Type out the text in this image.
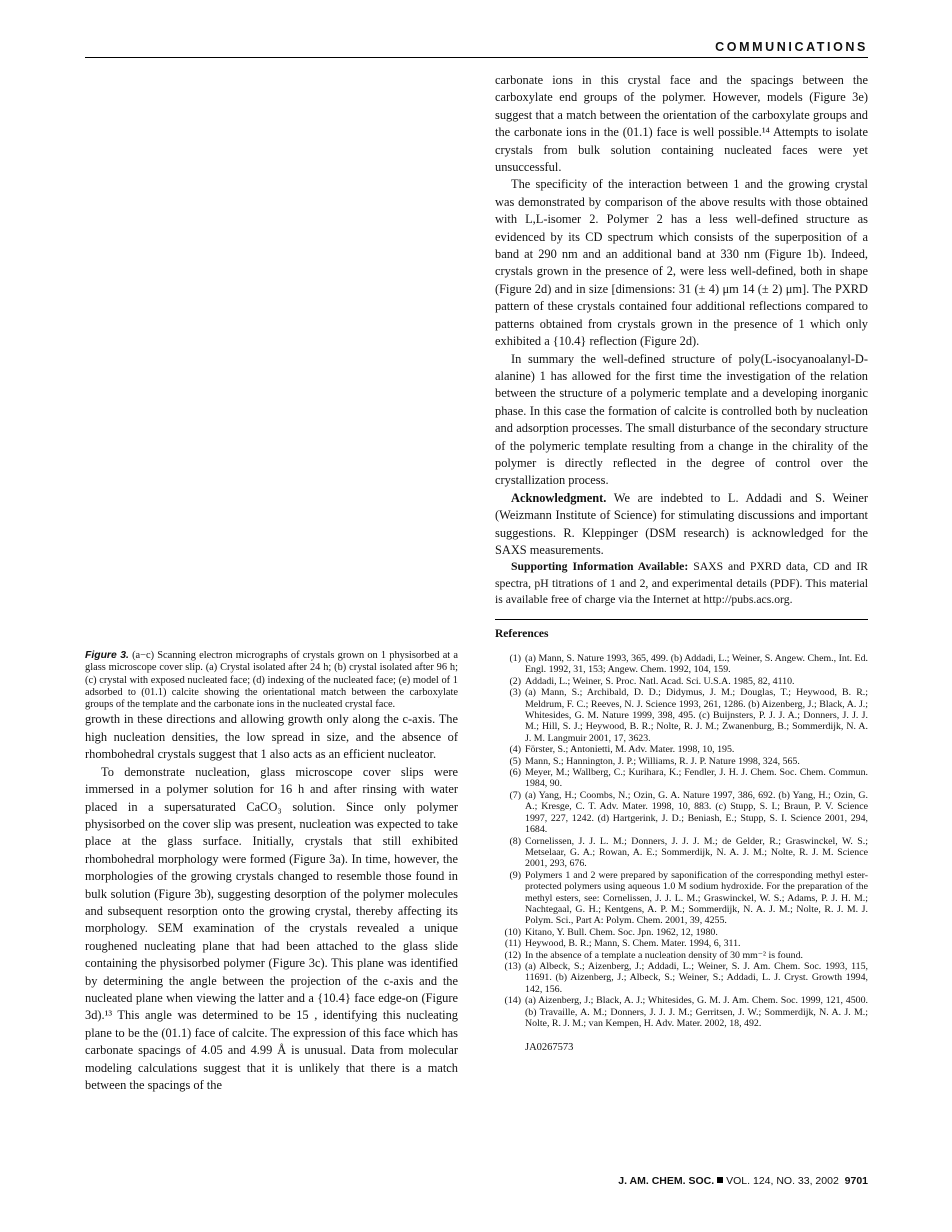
COMMUNICATIONS

Figure 3. (a−c) Scanning electron micrographs of crystals grown on 1 physisorbed at a glass microscope cover slip. (a) Crystal isolated after 24 h; (b) crystal isolated after 96 h; (c) crystal with exposed nucleated face; (d) indexing of the nucleated face; (e) model of 1 adsorbed to (01.1) calcite showing the orientational match between the carboxylate groups of the template and the carbonate ions in the nucleated crystal face.

growth in these directions and allowing growth only along the c-axis. The high nucleation densities, the low spread in size, and the absence of rhombohedral crystals suggest that 1 also acts as an efficient nucleator.

To demonstrate nucleation, glass microscope cover slips were immersed in a polymer solution for 16 h and after rinsing with water placed in a supersaturated CaCO₃ solution. Since only polymer physisorbed on the cover slip was present, nucleation was expected to take place at the glass surface. Initially, crystals that still exhibited rhombohedral morphology were formed (Figure 3a). In time, however, the morphologies of the growing crystals changed to resemble those found in bulk solution (Figure 3b), suggesting desorption of the polymer molecules and subsequent resorption onto the growing crystal, thereby affecting its morphology. SEM examination of the crystals revealed a unique roughened nucleating plane that had been attached to the glass slide containing the physisorbed polymer (Figure 3c). This plane was identified by determining the angle between the projection of the c-axis and the nucleated plane when viewing the latter and a {10.4} face edge-on (Figure 3d).¹³ This angle was determined to be 15 , identifying this nucleating plane to be the (01.1) face of calcite. The expression of this face which has carbonate spacings of 4.05 and 4.99 Å is unusual. Data from molecular modeling calculations suggest that it is unlikely that there is a match between the spacings of the

carbonate ions in this crystal face and the spacings between the carboxylate end groups of the polymer. However, models (Figure 3e) suggest that a match between the orientation of the carboxylate groups and the carbonate ions in the (01.1) face is well possible.¹⁴ Attempts to isolate crystals from bulk solution containing nucleated faces were yet unsuccessful.

The specificity of the interaction between 1 and the growing crystal was demonstrated by comparison of the above results with those obtained with L,L-isomer 2. Polymer 2 has a less well-defined structure as evidenced by its CD spectrum which consists of the superposition of a band at 290 nm and an additional band at 330 nm (Figure 1b). Indeed, crystals grown in the presence of 2, were less well-defined, both in shape (Figure 2d) and in size [dimensions: 31 (± 4) μm 14 (± 2) μm]. The PXRD pattern of these crystals contained four additional reflections compared to patterns obtained from crystals grown in the presence of 1 which only exhibited a {10.4} reflection (Figure 2d).

In summary the well-defined structure of poly(L-isocyanoalanyl-D-alanine) 1 has allowed for the first time the investigation of the relation between the structure of a polymeric template and a developing inorganic phase. In this case the formation of calcite is controlled both by nucleation and adsorption processes. The small disturbance of the secondary structure of the polymeric template resulting from a change in the chirality of the polymer is directly reflected in the degree of control over the crystallization process.

Acknowledgment. We are indebted to L. Addadi and S. Weiner (Weizmann Institute of Science) for stimulating discussions and important suggestions. R. Kleppinger (DSM research) is acknowledged for the SAXS measurements.

Supporting Information Available: SAXS and PXRD data, CD and IR spectra, pH titrations of 1 and 2, and experimental details (PDF). This material is available free of charge via the Internet at http://pubs.acs.org.

References
(1) (a) Mann, S. Nature 1993, 365, 499. (b) Addadi, L.; Weiner, S. Angew. Chem., Int. Ed. Engl. 1992, 31, 153; Angew. Chem. 1992, 104, 159.
(2) Addadi, L.; Weiner, S. Proc. Natl. Acad. Sci. U.S.A. 1985, 82, 4110.
(3) (a) Mann, S.; Archibald, D. D.; Didymus, J. M.; Douglas, T.; Heywood, B. R.; Meldrum, F. C.; Reeves, N. J. Science 1993, 261, 1286. (b) Aizenberg, J.; Black, A. J.; Whitesides, G. M. Nature 1999, 398, 495. (c) Buijnsters, P. J. J. A.; Donners, J. J. J. M.; Hill, S. J.; Heywood, B. R.; Nolte, R. J. M.; Zwanenburg, B.; Sommerdijk, N. A. J. M. Langmuir 2001, 17, 3623.
(4) Förster, S.; Antonietti, M. Adv. Mater. 1998, 10, 195.
(5) Mann, S.; Hannington, J. P.; Williams, R. J. P. Nature 1998, 324, 565.
(6) Meyer, M.; Wallberg, C.; Kurihara, K.; Fendler, J. H. J. Chem. Soc. Chem. Commun. 1984, 90.
(7) (a) Yang, H.; Coombs, N.; Ozin, G. A. Nature 1997, 386, 692. (b) Yang, H.; Ozin, G. A.; Kresge, C. T. Adv. Mater. 1998, 10, 883. (c) Stupp, S. I.; Braun, P. V. Science 1997, 227, 1242. (d) Hartgerink, J. D.; Beniash, E.; Stupp, S. I. Science 2001, 294, 1684.
(8) Cornelissen, J. J. L. M.; Donners, J. J. J. M.; de Gelder, R.; Graswinckel, W. S.; Metselaar, G. A.; Rowan, A. E.; Sommerdijk, N. A. J. M.; Nolte, R. J. M. Science 2001, 293, 676.
(9) Polymers 1 and 2 were prepared by saponification of the corresponding methyl ester-protected polymers using aqueous 1.0 M sodium hydroxide. For the preparation of the methyl esters, see: Cornelissen, J. J. L. M.; Graswinckel, W. S.; Adams, P. J. H. M.; Nachtegaal, G. H.; Kentgens, A. P. M.; Sommerdijk, N. A. J. M.; Nolte, R. J. M. J. Polym. Sci., Part A: Polym. Chem. 2001, 39, 4255.
(10) Kitano, Y. Bull. Chem. Soc. Jpn. 1962, 12, 1980.
(11) Heywood, B. R.; Mann, S. Chem. Mater. 1994, 6, 311.
(12) In the absence of a template a nucleation density of 30 mm⁻² is found.
(13) (a) Albeck, S.; Aizenberg, J.; Addadi, L.; Weiner, S. J. Am. Chem. Soc. 1993, 115, 11691. (b) Aizenberg, J.; Albeck, S.; Weiner, S.; Addadi, L. J. Cryst. Growth 1994, 142, 156.
(14) (a) Aizenberg, J.; Black, A. J.; Whitesides, G. M. J. Am. Chem. Soc. 1999, 121, 4500. (b) Travaille, A. M.; Donners, J. J. J. M.; Gerritsen, J. W.; Sommerdijk, N. A. J. M.; Nolte, R. J. M.; van Kempen, H. Adv. Mater. 2002, 18, 492.
JA0267573
J. AM. CHEM. SOC. VOL. 124, NO. 33, 2002 9701
